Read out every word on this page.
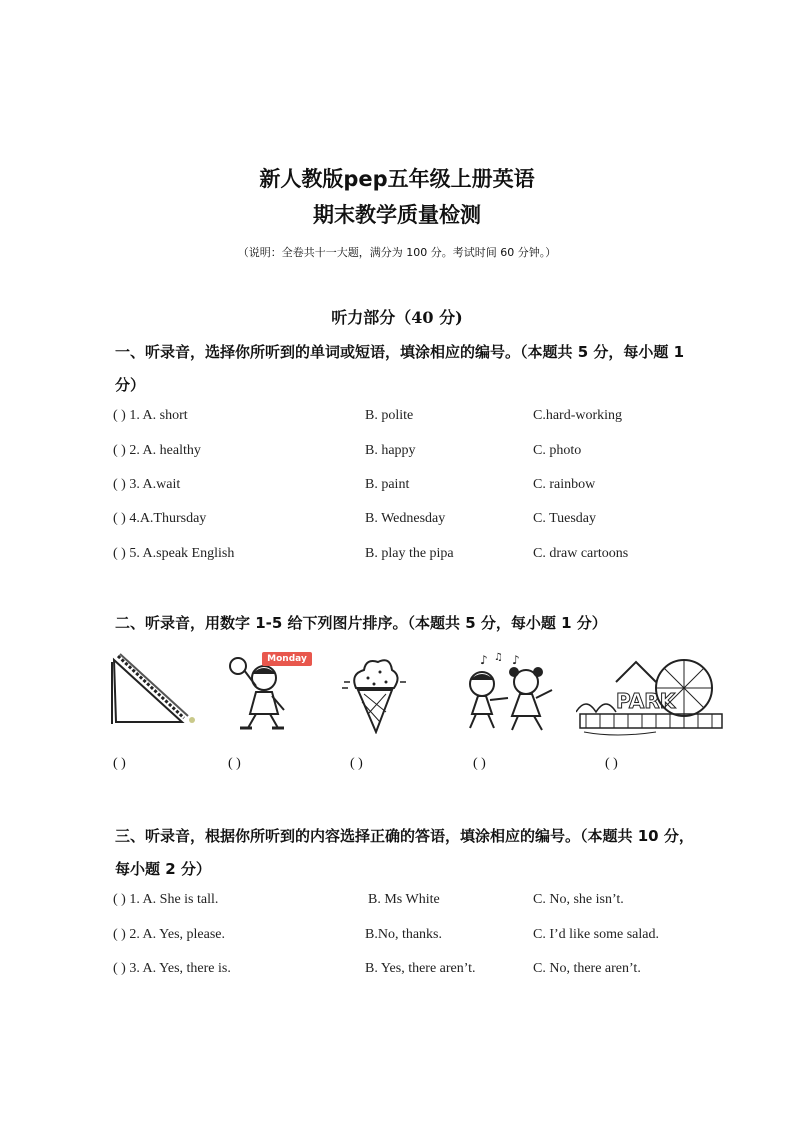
新人教版pep五年级上册英语
期末教学质量检测
（说明：全卷共十一大题，满分为 100 分。考试时间 60 分钟。）
听力部分（40 分)
一、听录音，选择你所听到的单词或短语，填涂相应的编号。（本题共 5 分，每小题 1 分）
( ) 1. A. short	B. polite	C.hard-working
( ) 2. A. healthy	B. happy	C. photo
( ) 3. A.wait	B. paint	C. rainbow
( ) 4.A.Thursday	B. Wednesday	C. Tuesday
( ) 5. A.speak English	B. play the pipa	C. draw cartoons
二、听录音，用数字 1-5 给下列图片排序。（本题共 5 分，每小题 1 分）
Monday	♪ ♫ ♪
PARK
( )	( )	( )	( )	( )
三、听录音，根据你所听到的内容选择正确的答语，填涂相应的编号。（本题共 10 分，每小题 2 分）
( ) 1. A. She is tall.	B. Ms White	C. No, she isn’t.
( ) 2. A. Yes, please.	B.No, thanks.	C. I’d like some salad.
( ) 3. A. Yes, there is.	B. Yes, there aren’t.	C. No, there aren’t.
